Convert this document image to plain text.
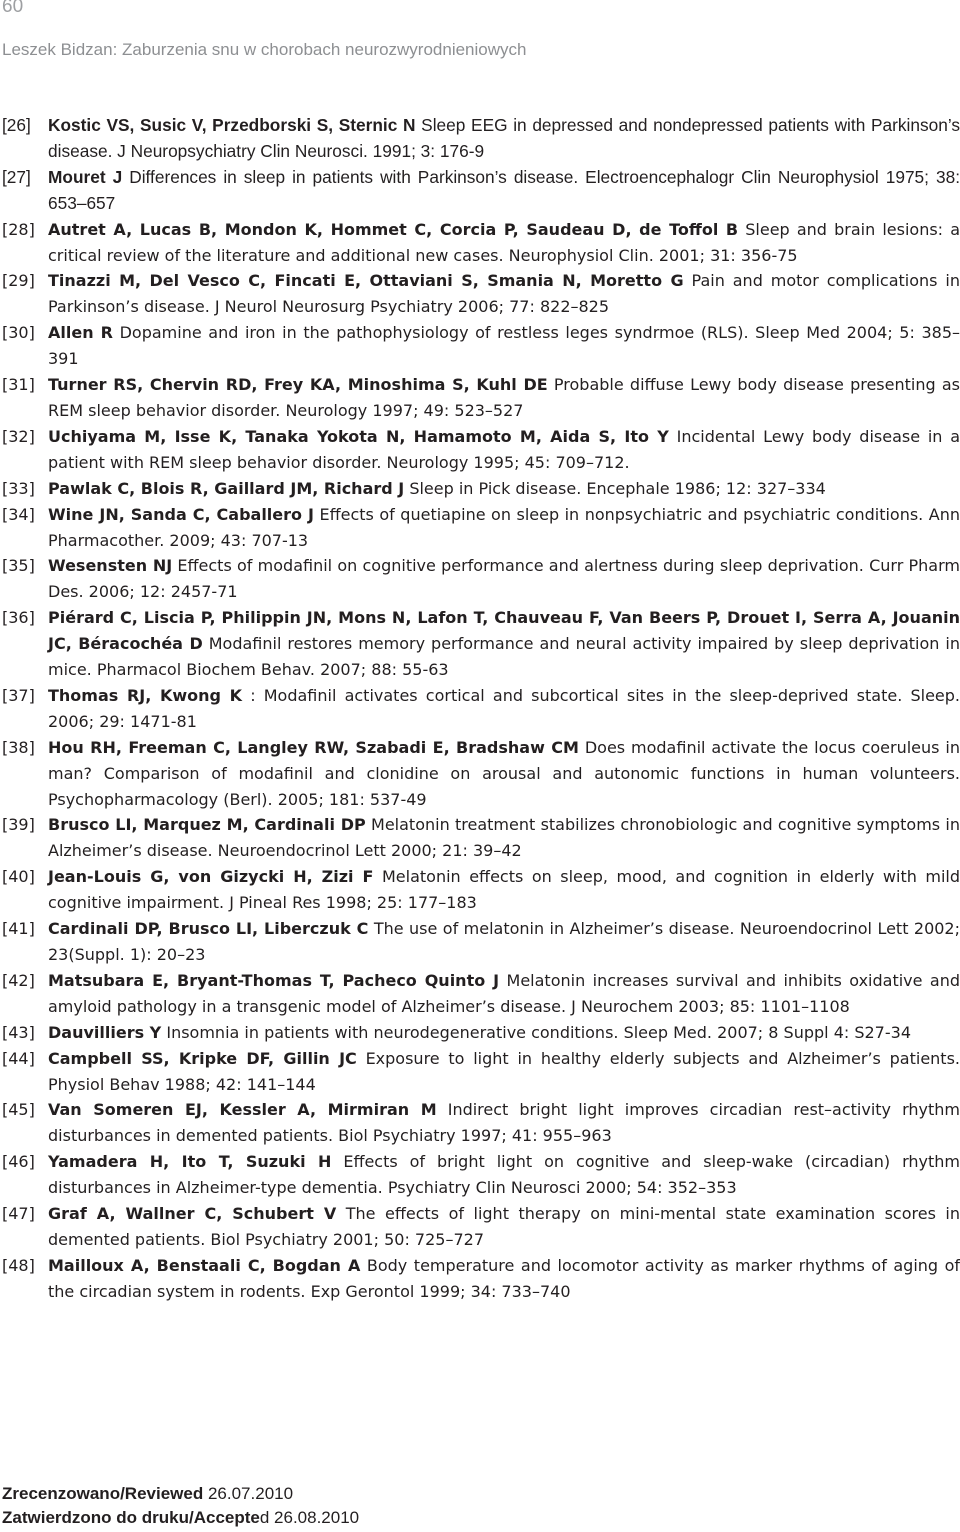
60
Leszek Bidzan: Zaburzenia snu w chorobach neurozwyrodnieniowych
[26] Kostic VS, Susic V, Przedborski S, Sternic N Sleep EEG in depressed and nondepressed patients with Parkinson’s disease. J Neuropsychiatry Clin Neurosci. 1991; 3: 176-9
[27] Mouret J Differences in sleep in patients with Parkinson’s disease. Electroencephalogr Clin Neurophysiol 1975; 38: 653–657
[28] Autret A, Lucas B, Mondon K, Hommet C, Corcia P, Saudeau D, de Toffol B Sleep and brain lesions: a critical review of the literature and additional new cases. Neurophysiol Clin. 2001; 31: 356-75
[29] Tinazzi M, Del Vesco C, Fincati E, Ottaviani S, Smania N, Moretto G Pain and motor complications in Parkinson’s disease. J Neurol Neurosurg Psychiatry 2006; 77: 822–825
[30] Allen R Dopamine and iron in the pathophysiology of restless leges syndrmoe (RLS). Sleep Med 2004; 5: 385–391
[31] Turner RS, Chervin RD, Frey KA, Minoshima S, Kuhl DE Probable diffuse Lewy body disease presenting as REM sleep behavior disorder. Neurology 1997; 49: 523–527
[32] Uchiyama M, Isse K, Tanaka Yokota N, Hamamoto M, Aida S, Ito Y Incidental Lewy body disease in a patient with REM sleep behavior disorder. Neurology 1995; 45: 709–712.
[33] Pawlak C, Blois R, Gaillard JM, Richard J Sleep in Pick disease. Encephale 1986; 12: 327–334
[34] Wine JN, Sanda C, Caballero J Effects of quetiapine on sleep in nonpsychiatric and psychiatric conditions. Ann Pharmacother. 2009; 43: 707-13
[35] Wesensten NJ Effects of modafinil on cognitive performance and alertness during sleep deprivation. Curr Pharm Des. 2006; 12: 2457-71
[36] Piérard C, Liscia P, Philippin JN, Mons N, Lafon T, Chauveau F, Van Beers P, Drouet I, Serra A, Jouanin JC, Béracochéa D Modafinil restores memory performance and neural activity impaired by sleep deprivation in mice. Pharmacol Biochem Behav. 2007; 88: 55-63
[37] Thomas RJ, Kwong K : Modafinil activates cortical and subcortical sites in the sleep-deprived state. Sleep. 2006; 29: 1471-81
[38] Hou RH, Freeman C, Langley RW, Szabadi E, Bradshaw CM Does modafinil activate the locus coeruleus in man? Comparison of modafinil and clonidine on arousal and autonomic functions in human volunteers. Psychopharmacology (Berl). 2005; 181: 537-49
[39] Brusco LI, Marquez M, Cardinali DP Melatonin treatment stabilizes chronobiologic and cognitive symptoms in Alzheimer’s disease. Neuroendocrinol Lett 2000; 21: 39–42
[40] Jean-Louis G, von Gizycki H, Zizi F Melatonin effects on sleep, mood, and cognition in elderly with mild cognitive impairment. J Pineal Res 1998; 25: 177–183
[41] Cardinali DP, Brusco LI, Liberczuk C The use of melatonin in Alzheimer’s disease. Neuroendocrinol Lett 2002; 23(Suppl. 1): 20–23
[42] Matsubara E, Bryant-Thomas T, Pacheco Quinto J Melatonin increases survival and inhibits oxidative and amyloid pathology in a transgenic model of Alzheimer’s disease. J Neurochem 2003; 85: 1101–1108
[43] Dauvilliers Y Insomnia in patients with neurodegenerative conditions. Sleep Med. 2007; 8 Suppl 4: S27-34
[44] Campbell SS, Kripke DF, Gillin JC Exposure to light in healthy elderly subjects and Alzheimer’s patients. Physiol Behav 1988; 42: 141–144
[45] Van Someren EJ, Kessler A, Mirmiran M Indirect bright light improves circadian rest–activity rhythm disturbances in demented patients. Biol Psychiatry 1997; 41: 955–963
[46] Yamadera H, Ito T, Suzuki H Effects of bright light on cognitive and sleep-wake (circadian) rhythm disturbances in Alzheimer-type dementia. Psychiatry Clin Neurosci 2000; 54: 352–353
[47] Graf A, Wallner C, Schubert V The effects of light therapy on mini-mental state examination scores in demented patients. Biol Psychiatry 2001; 50: 725–727
[48] Mailloux A, Benstaali C, Bogdan A Body temperature and locomotor activity as marker rhythms of aging of the circadian system in rodents. Exp Gerontol 1999; 34: 733–740
Zrecenzowano/Reviewed 26.07.2010
Zatwierdzono do druku/Accepted 26.08.2010
